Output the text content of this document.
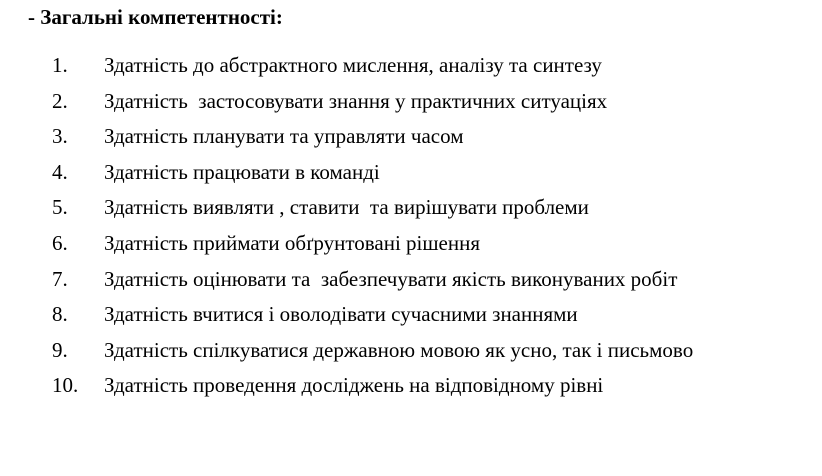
- Загальні компетентності:

1.

Здатність до абстрактного мислення, аналізу та синтезу

2.

Здатність  застосовувати знання у практичних ситуаціях

3.

Здатність планувати та управляти часом

4.

Здатність працювати в команді

5.

Здатність виявляти , ставити  та вирішувати проблеми

6.

Здатність приймати обґрунтовані рішення

7.

Здатність оцінювати та  забезпечувати якість виконуваних робіт

8.

Здатність вчитися і оволодівати сучасними знаннями

9.

Здатність спілкуватися державною мовою як усно, так і письмово

10.

Здатність проведення досліджень на відповідному рівні
